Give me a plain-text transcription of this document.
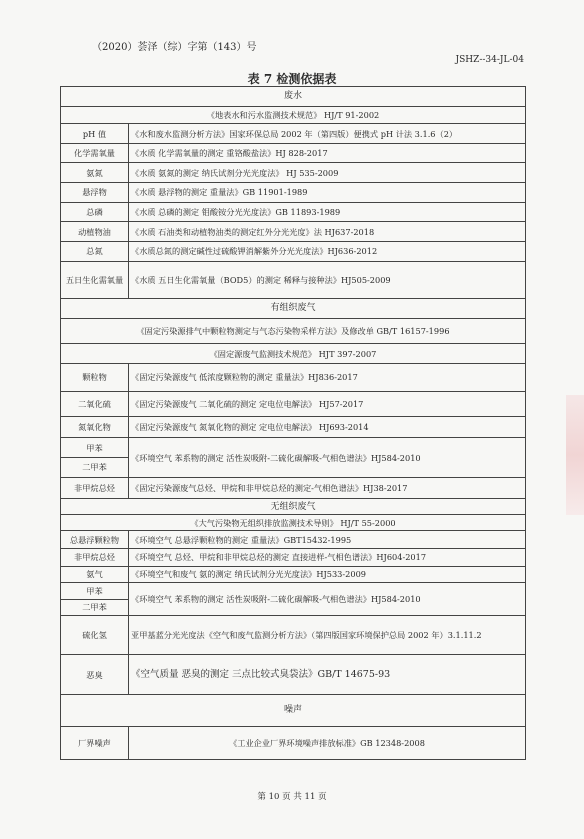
（2020）荟泽（综）字第（143）号
JSHZ--34-JL-04
表 7 检测依据表
废水	
《地表水和污水监测技术规范》 HJ/T 91-2002	
pH 值	《水和废水监测分析方法》国家环保总局 2002 年（第四版）便携式 pH 计法 3.1.6（2）
化学需氧量	《水质 化学需氧量的测定 重铬酸盐法》HJ 828-2017
氨氮	《水质 氨氮的测定 纳氏试剂分光光度法》 HJ 535-2009
悬浮物	《水质 悬浮物的测定 重量法》GB 11901-1989
总磷	《水质 总磷的测定 钼酸铵分光光度法》GB 11893-1989
动植物油	《水质 石油类和动植物油类的测定红外分光光度》法 HJ637-2018
总氮	《水质总氮的测定碱性过硫酸钾消解紫外分光光度法》HJ636-2012
五日生化需氧量	《水质 五日生化需氧量（BOD5）的测定 稀释与接种法》HJ505-2009
有组织废气	
《固定污染源排气中颗粒物测定与气态污染物采样方法》及修改单 GB/T 16157-1996	
《固定源废气监测技术规范》 HJT 397-2007	
颗粒物	《固定污染源废气 低浓度颗粒物的测定 重量法》HJ836-2017
二氧化硫	《固定污染源废气 二氧化硫的测定 定电位电解法》 HJ57-2017
氮氧化物	《固定污染源废气 氮氧化物的测定 定电位电解法》 HJ693-2014
甲苯	《环境空气 苯系物的测定 活性炭吸附-二硫化碳解吸-气相色谱法》HJ584-2010
二甲苯	
非甲烷总烃	《固定污染源废气总烃、甲烷和非甲烷总烃的测定-气相色谱法》HJ38-2017
无组织废气	
《大气污染物无组织排放监测技术导则》 HJ/T 55-2000	
总悬浮颗粒物	《环境空气 总悬浮颗粒物的测定 重量法》GBT15432-1995
非甲烷总烃	《环境空气 总烃、甲烷和非甲烷总烃的测定 直接进样-气相色谱法》HJ604-2017
氨气	《环境空气和废气 氨的测定 纳氏试剂分光光度法》HJ533-2009
甲苯	《环境空气 苯系物的测定 活性炭吸附-二硫化碳解吸-气相色谱法》HJ584-2010
二甲苯	
硫化氢	亚甲基蓝分光光度法《空气和废气监测分析方法》（第四版国家环境保护总局 2002 年）3.1.11.2
恶臭	《空气质量 恶臭的测定 三点比较式臭袋法》GB/T 14675-93
噪声	
厂界噪声	《工业企业厂界环境噪声排放标准》GB 12348-2008
第 10 页 共 11 页
